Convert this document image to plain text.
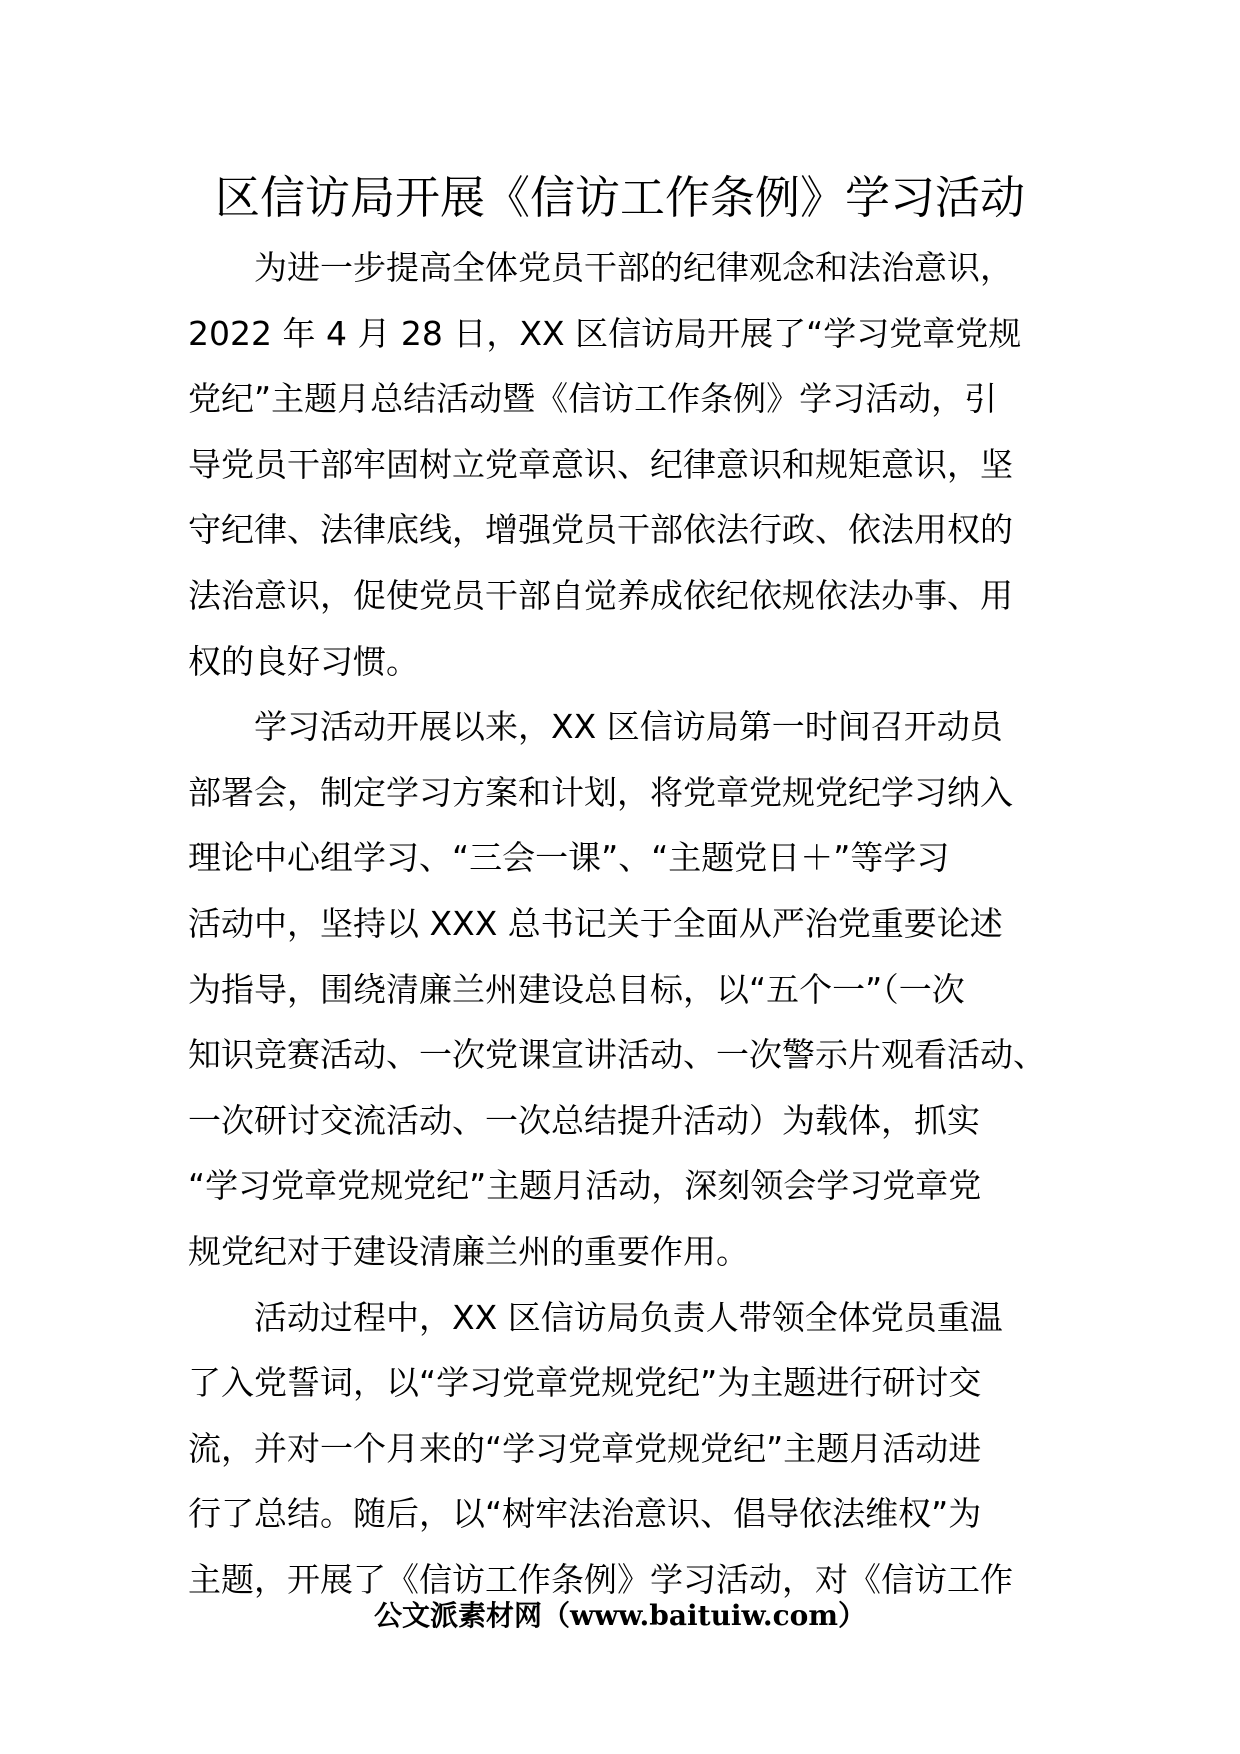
区信访局开展《信访工作条例》学习活动
为进一步提高全体党员干部的纪律观念和法治意识，
2022 年 4 月 28 日，XX 区信访局开展了“学习党章党规
党纪”主题月总结活动暨《信访工作条例》学习活动，引
导党员干部牢固树立党章意识、纪律意识和规矩意识，坚
守纪律、法律底线，增强党员干部依法行政、依法用权的
法治意识，促使党员干部自觉养成依纪依规依法办事、用
权的良好习惯。
学习活动开展以来，XX 区信访局第一时间召开动员
部署会，制定学习方案和计划，将党章党规党纪学习纳入
理论中心组学习、“三会一课”、“主题党日＋”等学习
活动中，坚持以 XXX 总书记关于全面从严治党重要论述
为指导，围绕清廉兰州建设总目标，以“五个一”（一次
知识竞赛活动、一次党课宣讲活动、一次警示片观看活动、
一次研讨交流活动、一次总结提升活动）为载体，抓实
“学习党章党规党纪”主题月活动，深刻领会学习党章党
规党纪对于建设清廉兰州的重要作用。
活动过程中，XX 区信访局负责人带领全体党员重温
了入党誓词，以“学习党章党规党纪”为主题进行研讨交
流，并对一个月来的“学习党章党规党纪”主题月活动进
行了总结。随后，以“树牢法治意识、倡导依法维权”为
主题，开展了《信访工作条例》学习活动，对《信访工作
公文派素材网（www.baituiw.com）
